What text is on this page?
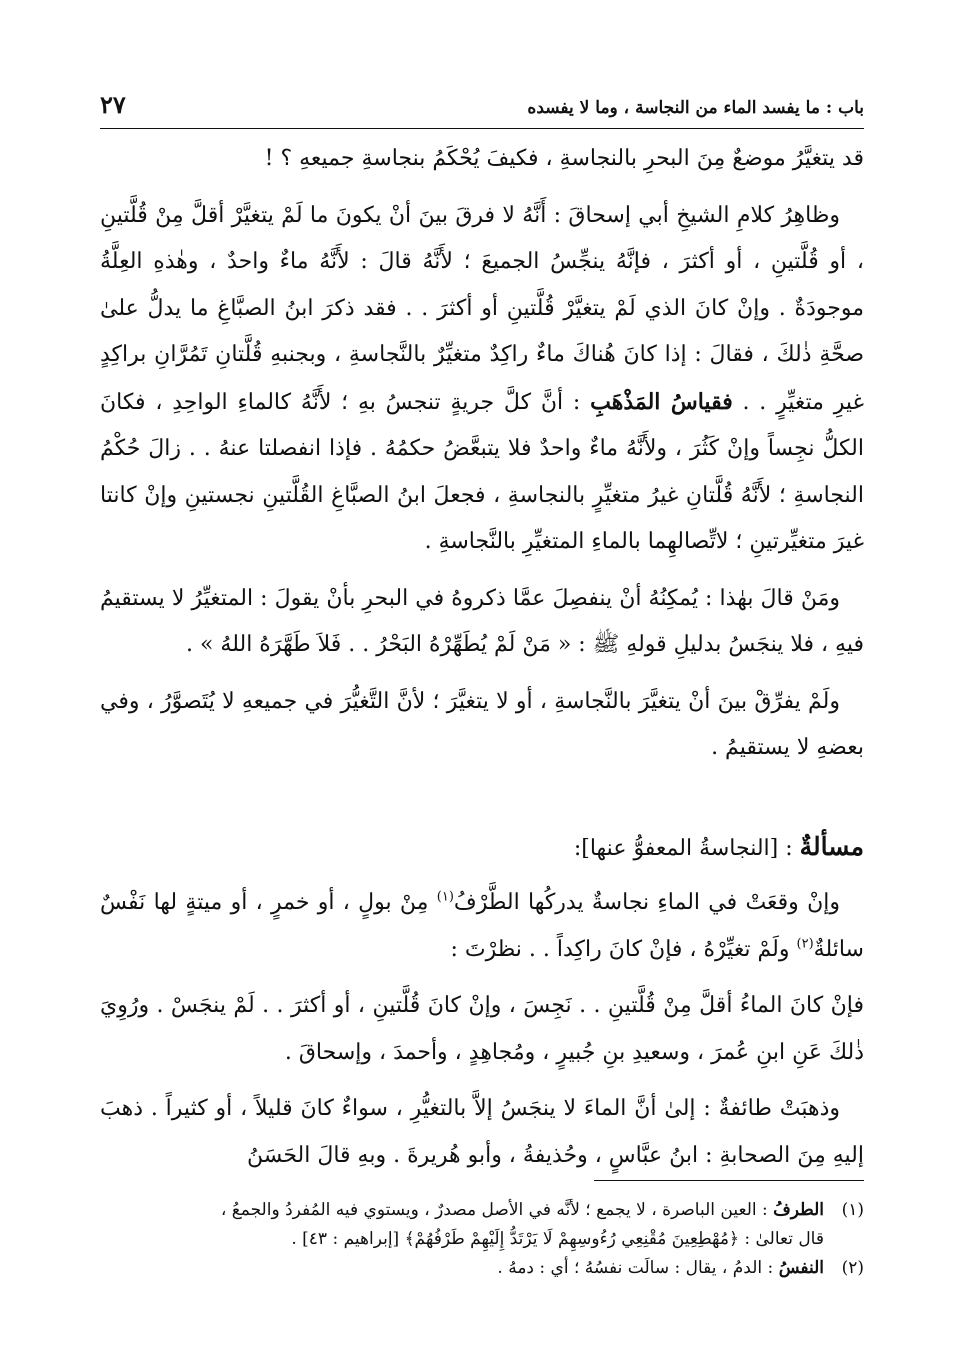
باب : ما يفسد الماء من النجاسة ، وما لا يفسده
٢٧

قد يتغيَّرُ موضعٌ مِنَ البحرِ بالنجاسةِ ، فكيفَ يُحْكَمُ بنجاسةِ جميعهِ ؟ !

وظاهِرُ كلامِ الشيخِ أبي إسحاقَ : أَنَّهُ لا فرقَ بينَ أنْ يكونَ ما لَمْ يتغيَّرْ أقلَّ مِنْ قُلَّتينِ ، أو قُلَّتينِ ، أو أكثرَ ، فإنَّهُ ينجِّسُ الجميعَ ؛ لأَنَّهُ قالَ : لأَنَّهُ ماءٌ واحدٌ ، وهٰذهِ العِلَّةُ موجودَةٌ . وإنْ كانَ الذي لَمْ يتغيَّرْ قُلَّتينِ أو أكثرَ . . فقد ذكرَ ابنُ الصبَّاغِ ما يدلُّ علىٰ صحَّةِ ذٰلكَ ، فقالَ : إذا كانَ هُناكَ ماءٌ راكِدٌ متغيِّرٌ بالنَّجاسةِ ، وبجنبهِ قُلَّتانِ تَمُرَّانِ براكِدٍ غيرِ متغيِّرٍ . . فقياسُ المَذْهَبِ : أنَّ كلَّ جريةٍ تنجسُ بهِ ؛ لأَنَّهُ كالماءِ الواحِدِ ، فكانَ الكلُّ نجِساً وإنْ كَثُرَ ، ولأَنَّهُ ماءٌ واحدٌ فلا يتبعَّضُ حكمُهُ . فإذا انفصلتا عنهُ . . زالَ حُكْمُ النجاسةِ ؛ لأَنَّهُ قُلَّتانِ غيرُ متغيِّرٍ بالنجاسةِ ، فجعلَ ابنُ الصبَّاغِ القُلَّتينِ نجستينِ وإنْ كانتا غيرَ متغيِّرتينِ ؛ لاتِّصالهِما بالماءِ المتغيِّرِ بالنَّجاسةِ .

ومَنْ قالَ بهٰذا : يُمكِنُهُ أنْ ينفصِلَ عمَّا ذكروهُ في البحرِ بأنْ يقولَ : المتغيِّرُ لا يستقيمُ فيهِ ، فلا ينجَسُ بدليلِ قولهِ ﷺ : « مَنْ لَمْ يُطَهِّرْهُ البَحْرُ . . فَلاَ طَهَّرَهُ اللهُ » .

ولَمْ يفرِّقْ بينَ أنْ يتغيَّرَ بالنَّجاسةِ ، أو لا يتغيَّرَ ؛ لأنَّ التَّغيُّرَ في جميعهِ لا يُتَصوَّرُ ، وفي بعضهِ لا يستقيمُ .

مسألةٌ : [النجاسةُ المعفوُّ عنها]:

وإنْ وقعَتْ في الماءِ نجاسةٌ يدركُها الطَّرْفُ$^{(١)}$ مِنْ بولٍ ، أو خمرٍ ، أو ميتةٍ لها نَفْسٌ سائلةٌ$^{(٢)}$ ولَمْ تغيِّرْهُ ، فإنْ كانَ راكِداً . . نظرْتَ :

فإنْ كانَ الماءُ أقلَّ مِنْ قُلَّتينِ . . نَجِسَ ، وإنْ كانَ قُلَّتينِ ، أو أكثرَ . . لَمْ ينجَسْ . ورُوِيَ ذٰلكَ عَنِ ابنِ عُمرَ ، وسعيدِ بنِ جُبيرٍ ، ومُجاهِدٍ ، وأحمدَ ، وإسحاقَ .

وذهبَتْ طائفةٌ : إلىٰ أنَّ الماءَ لا ينجَسُ إلاَّ بالتغيُّرِ ، سواءٌ كانَ قليلاً ، أو كثيراً . ذهبَ إليهِ مِنَ الصحابةِ : ابنُ عبَّاسٍ ، وحُذيفةُ ، وأبو هُريرةَ . وبهِ قالَ الحَسَنُ

(١)
الطرفُ : العين الباصرة ، لا يجمع ؛ لأنَّه في الأصل مصدرٌ ، ويستوي فيه المُفردُ والجمعُ ،
قال تعالىٰ : ﴿مُهْطِعِينَ مُقْنِعِي رُءُوسِهِمْ لَا يَرْتَدُّ إِلَيْهِمْ طَرْفُهُمْ﴾ [إبراهيم : ٤٣] .
(٢)
النفسُ : الدمُ ، يقال : سالَت نفسُهُ ؛ أي : دمهُ .
